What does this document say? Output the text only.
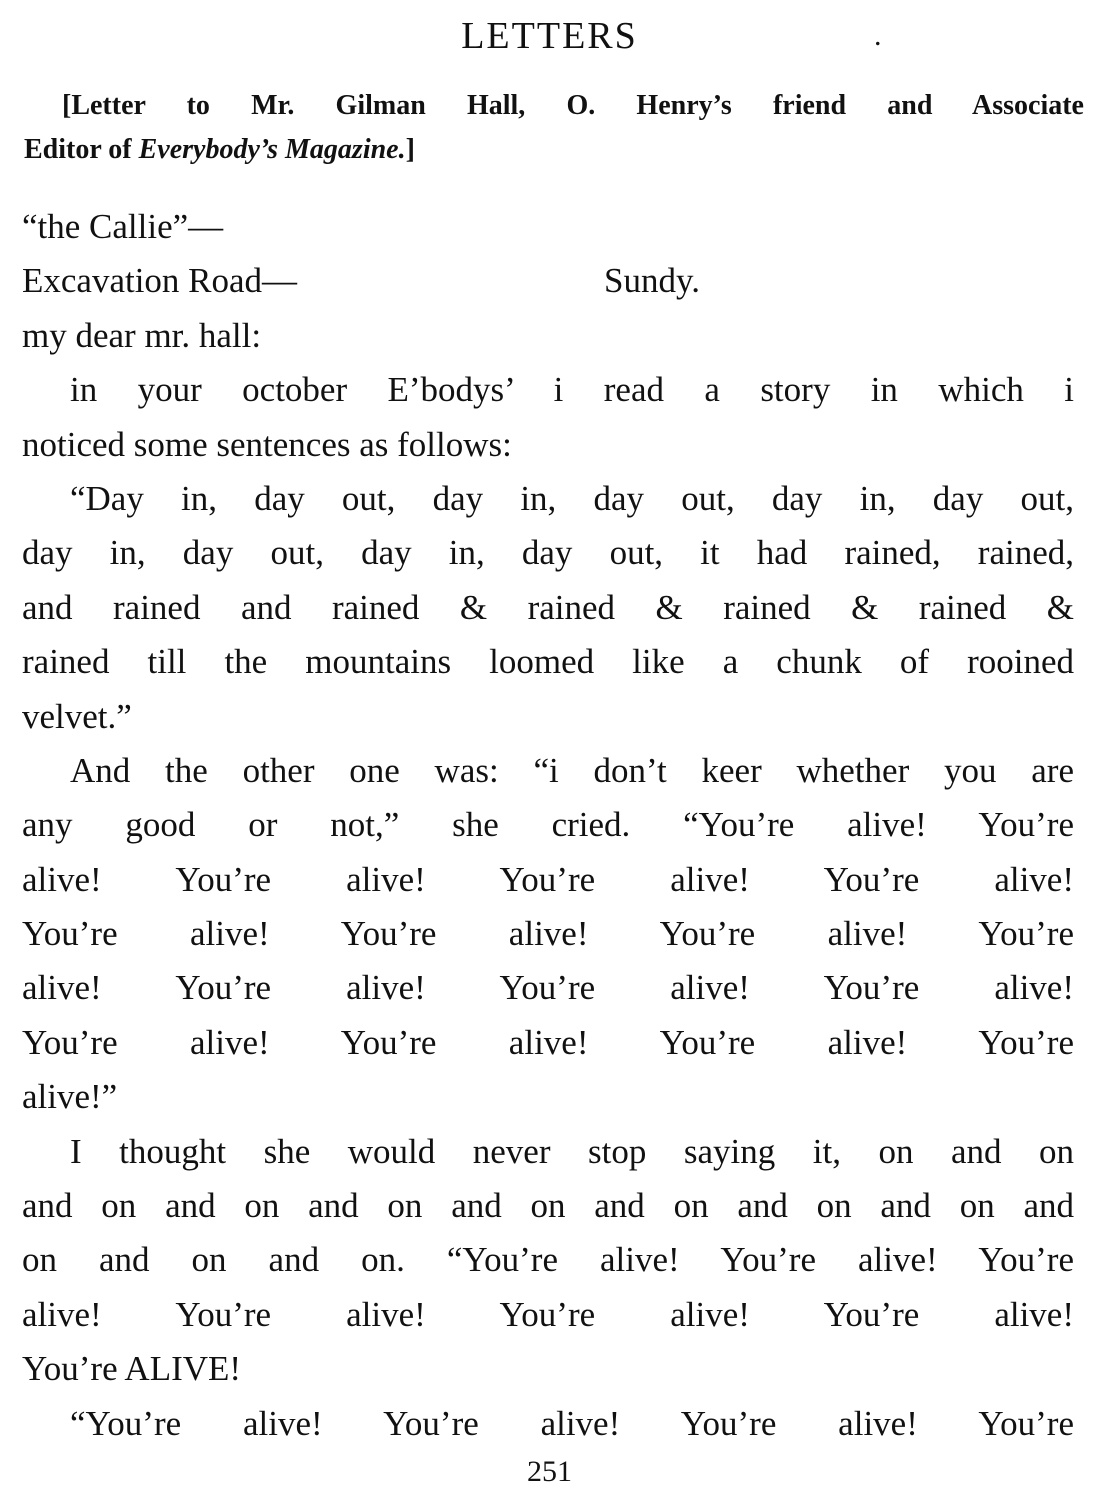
LETTERS	.
[Letter to Mr. Gilman Hall, O. Henry’s friend and Associate
Editor of Everybody’s Magazine.]
“the Callie”—
Excavation Road—	Sundy.
my dear mr. hall:
in your october E’bodys’ i read a story in which i
noticed some sentences as follows:
“Day in, day out, day in, day out, day in, day out,
day in, day out, day in, day out, it had rained, rained,
and rained and rained & rained & rained & rained &
rained till the mountains loomed like a chunk of rooined
velvet.”
And the other one was: “i don’t keer whether you are
any good or not,” she cried. “You’re alive! You’re
alive! You’re alive! You’re alive! You’re alive!
You’re alive! You’re alive! You’re alive! You’re
alive! You’re alive! You’re alive! You’re alive!
You’re alive! You’re alive! You’re alive! You’re
alive!”
I thought she would never stop saying it, on and on
and on and on and on and on and on and on and on and
on and on and on. “You’re alive! You’re alive! You’re
alive! You’re alive! You’re alive! You’re alive!
You’re ALIVE!
“You’re alive! You’re alive! You’re alive! You’re
251
